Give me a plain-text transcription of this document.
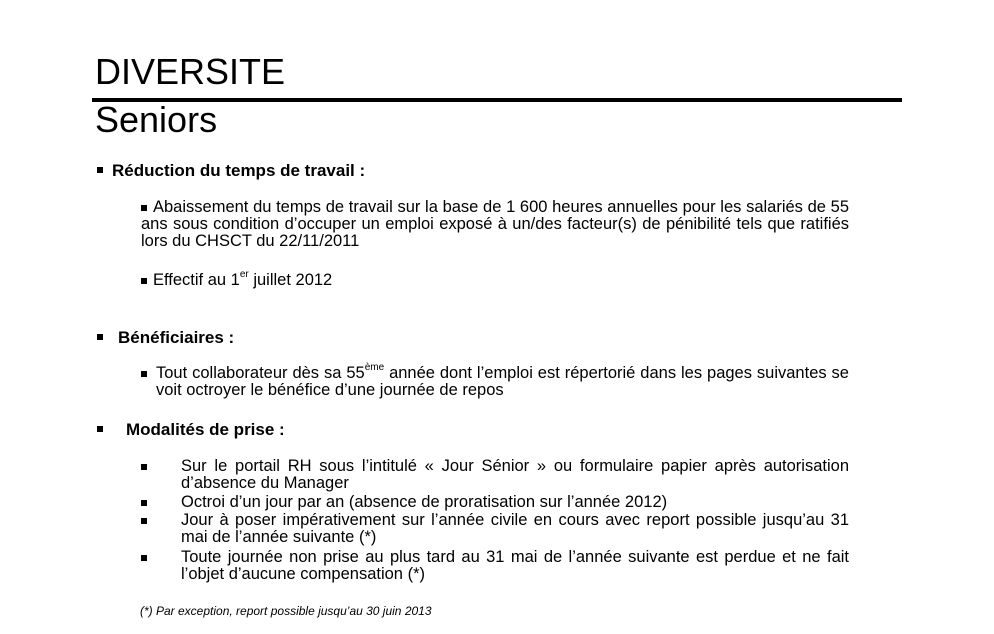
DIVERSITE
Seniors
Réduction du temps de travail :
Abaissement du temps de travail sur la base de 1 600 heures annuelles pour les salariés de 55 ans sous condition d’occuper un emploi exposé à un/des facteur(s) de pénibilité tels que ratifiés lors du CHSCT du 22/11/2011
Effectif au 1er juillet 2012
Bénéficiaires :
Tout collaborateur dès sa 55ème année dont l’emploi est répertorié dans les pages suivantes se voit octroyer le bénéfice d’une journée de repos
Modalités de prise :
Sur le portail RH sous l’intitulé « Jour Sénior » ou formulaire papier après autorisation d’absence du Manager
Octroi d’un jour par an (absence de proratisation sur l’année 2012)
Jour à poser impérativement sur l’année civile en cours avec report possible jusqu’au 31 mai de l’année suivante (*)
Toute journée non prise au plus tard au 31 mai de l’année suivante est perdue et ne fait l’objet d’aucune compensation (*)
(*) Par exception, report possible jusqu’au 30 juin 2013
